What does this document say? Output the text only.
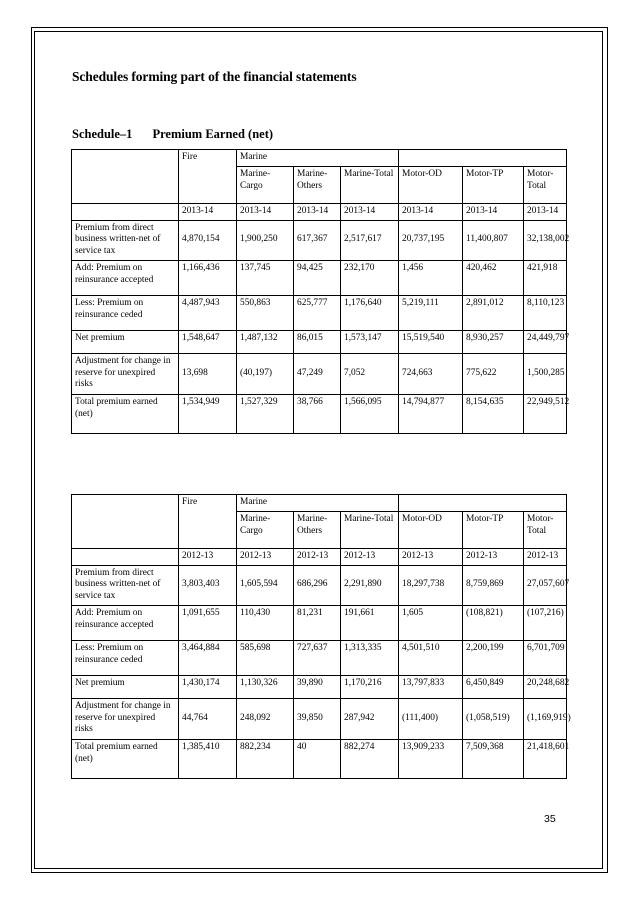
Schedules forming part of the financial statements
Schedule–1 Premium Earned (net)
	Fire	Marine					
		Marine-Cargo	Marine-Others	Marine-Total	Motor-OD	Motor-TP	Motor-Total
	2013-14	2013-14	2013-14	2013-14	2013-14	2013-14	2013-14
Premium from direct business written-net of service tax	4,870,154	1,900,250	617,367	2,517,617	20,737,195	11,400,807	32,138,002
Add: Premium on reinsurance accepted	1,166,436	137,745	94,425	232,170	1,456	420,462	421,918
Less: Premium on reinsurance ceded	4,487,943	550,863	625,777	1,176,640	5,219,111	2,891,012	8,110,123
Net premium	1,548,647	1,487,132	86,015	1,573,147	15,519,540	8,930,257	24,449,797
Adjustment for change in reserve for unexpired risks	13,698	(40,197)	47,249	7,052	724,663	775,622	1,500,285
Total premium earned (net)	1,534,949	1,527,329	38,766	1,566,095	14,794,877	8,154,635	22,949,512
	Fire	Marine					
		Marine-Cargo	Marine-Others	Marine-Total	Motor-OD	Motor-TP	Motor-Total
	2012-13	2012-13	2012-13	2012-13	2012-13	2012-13	2012-13
Premium from direct business written-net of service tax	3,803,403	1,605,594	686,296	2,291,890	18,297,738	8,759,869	27,057,607
Add: Premium on reinsurance accepted	1,091,655	110,430	81,231	191,661	1,605	(108,821)	(107,216)
Less: Premium on reinsurance ceded	3,464,884	585,698	727,637	1,313,335	4,501,510	2,200,199	6,701,709
Net premium	1,430,174	1,130,326	39,890	1,170,216	13,797,833	6,450,849	20,248,682
Adjustment for change in reserve for unexpired risks	44,764	248,092	39,850	287,942	(111,400)	(1,058,519)	(1,169,919)
Total premium earned (net)	1,385,410	882,234	40	882,274	13,909,233	7,509,368	21,418,601
35
